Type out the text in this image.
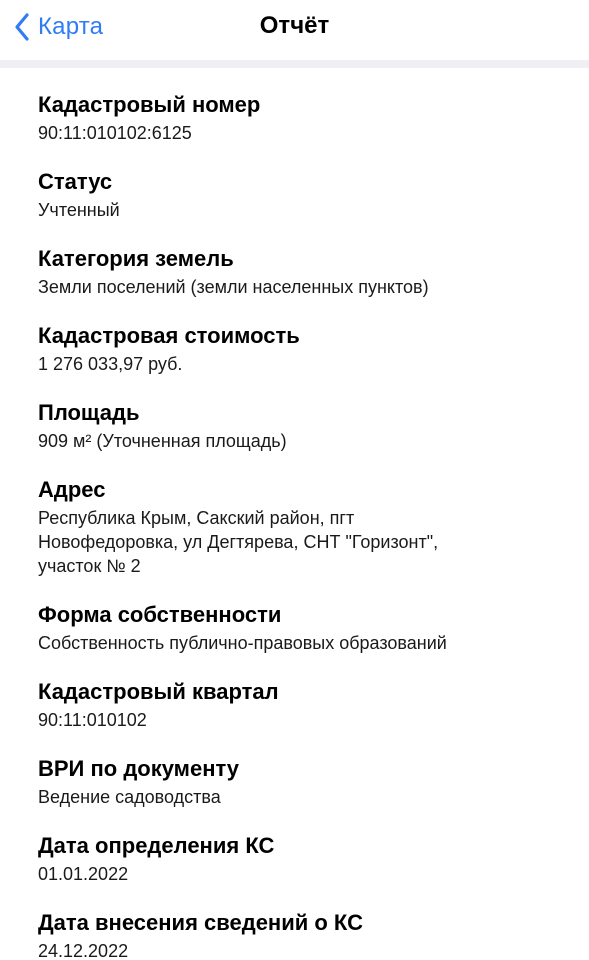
Карта	Отчёт
Кадастровый номер
90:11:010102:6125
Статус
Учтенный
Категория земель
Земли поселений (земли населенных пунктов)
Кадастровая стоимость
1 276 033,97 руб.
Площадь
909 м² (Уточненная площадь)
Адрес
Республика Крым, Сакский район, пгт
Новофедоровка, ул Дегтярева, СНТ "Горизонт",
участок № 2
Форма собственности
Собственность публично-правовых образований
Кадастровый квартал
90:11:010102
ВРИ по документу
Ведение садоводства
Дата определения КС
01.01.2022
Дата внесения сведений о КС
24.12.2022
